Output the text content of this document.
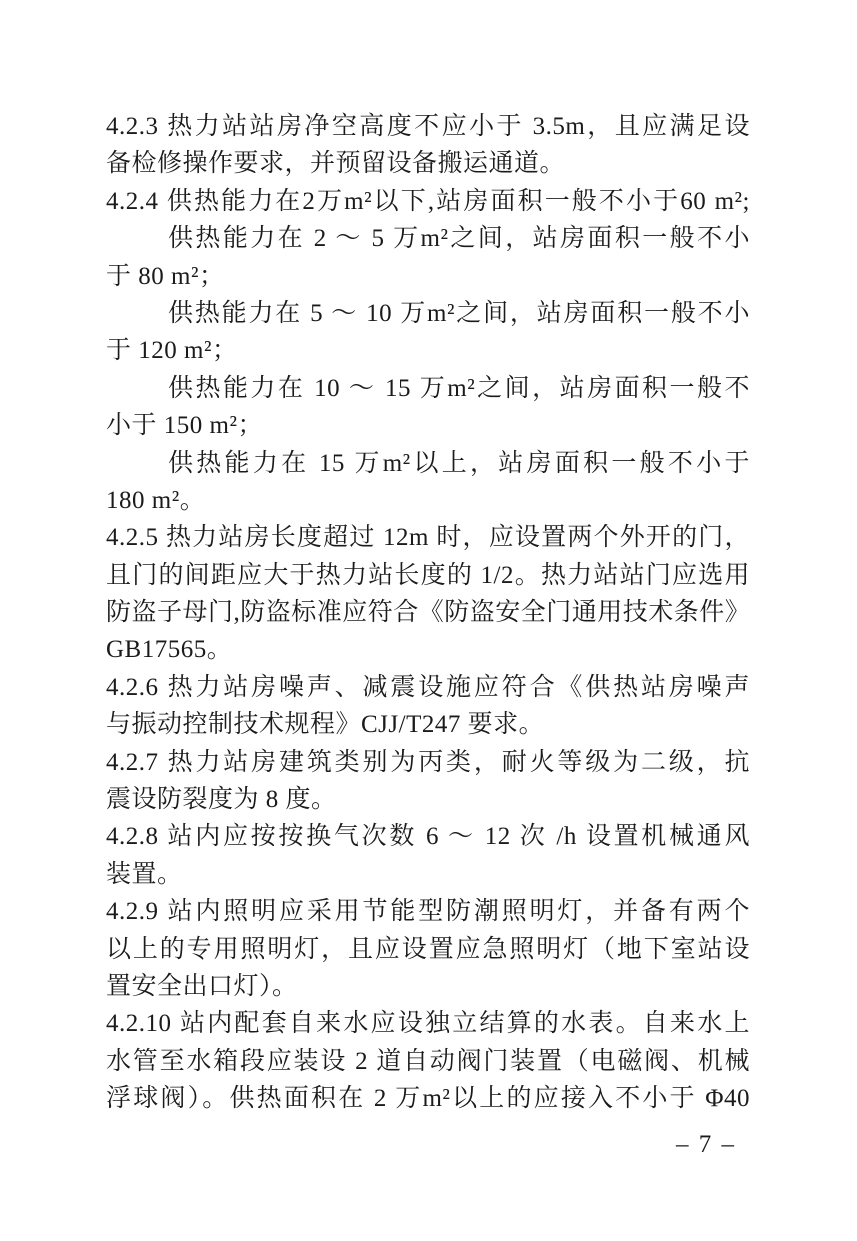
4.2.3 热力站站房净空高度不应小于 3.5m，且应满足设
备检修操作要求，并预留设备搬运通道。
4.2.4 供热能力在2万m²以下,站房面积一般不小于60 m²;
供热能力在 2 ～ 5 万m²之间，站房面积一般不小
于 80 m²；
供热能力在 5 ～ 10 万m²之间，站房面积一般不小
于 120 m²；
供热能力在 10 ～ 15 万m²之间，站房面积一般不
小于 150 m²；
供热能力在 15 万m²以上，站房面积一般不小于
180 m²。
4.2.5 热力站房长度超过 12m 时，应设置两个外开的门，
且门的间距应大于热力站长度的 1/2。热力站站门应选用
防盗子母门,防盗标准应符合《防盗安全门通用技术条件》
GB17565。
4.2.6 热力站房噪声、减震设施应符合《供热站房噪声
与振动控制技术规程》CJJ/T247 要求。
4.2.7 热力站房建筑类别为丙类，耐火等级为二级，抗
震设防裂度为 8 度。
4.2.8 站内应按按换气次数 6 ～ 12 次 /h 设置机械通风
装置。
4.2.9 站内照明应采用节能型防潮照明灯，并备有两个
以上的专用照明灯，且应设置应急照明灯（地下室站设
置安全出口灯）。
4.2.10 站内配套自来水应设独立结算的水表。自来水上
水管至水箱段应装设 2 道自动阀门装置（电磁阀、机械
浮球阀）。供热面积在 2 万m²以上的应接入不小于 Φ40
– 7 –
